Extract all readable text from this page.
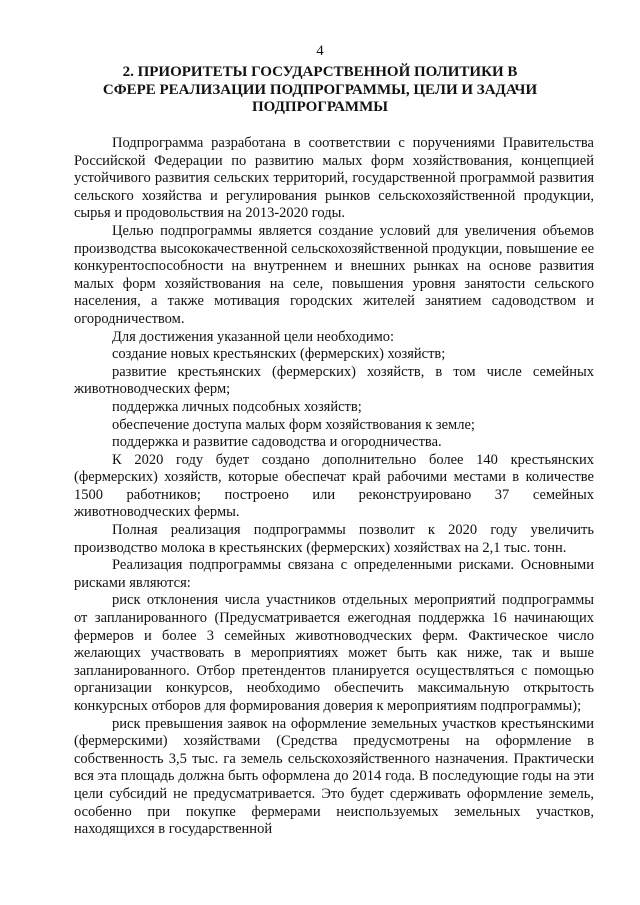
4
2. ПРИОРИТЕТЫ ГОСУДАРСТВЕННОЙ ПОЛИТИКИ В СФЕРЕ РЕАЛИЗАЦИИ ПОДПРОГРАММЫ, ЦЕЛИ И ЗАДАЧИ ПОДПРОГРАММЫ

Подпрограмма разработана в соответствии с поручениями Правительства Российской Федерации по развитию малых форм хозяйствования, концепцией устойчивого развития сельских территорий, государственной программой развития сельского хозяйства и регулирования рынков сельскохозяйственной продукции, сырья и продовольствия на 2013-2020 годы.

Целью подпрограммы является создание условий для увеличения объемов производства высококачественной сельскохозяйственной продукции, повышение ее конкурентоспособности на внутреннем и внешних рынках на основе развития малых форм хозяйствования на селе, повышения уровня занятости сельского населения, а также мотивация городских жителей занятием садоводством и огородничеством.

Для достижения указанной цели необходимо:

создание новых крестьянских (фермерских) хозяйств;

развитие крестьянских (фермерских) хозяйств, в том числе семейных животноводческих ферм;

поддержка личных подсобных хозяйств;

обеспечение доступа малых форм хозяйствования к земле;

поддержка и развитие садоводства и огородничества.

К 2020 году будет создано дополнительно более 140 крестьянских (фермерских) хозяйств, которые обеспечат край рабочими местами в количестве 1500 работников; построено или реконструировано 37 семейных животноводческих фермы.

Полная реализация подпрограммы позволит к 2020 году увеличить производство молока в крестьянских (фермерских) хозяйствах на 2,1 тыс. тонн.

Реализация подпрограммы связана с определенными рисками. Основными рисками являются:

риск отклонения числа участников отдельных мероприятий подпрограммы от запланированного (Предусматривается ежегодная поддержка 16 начинающих фермеров и более 3 семейных животноводческих ферм. Фактическое число желающих участвовать в мероприятиях может быть как ниже, так и выше запланированного. Отбор претендентов планируется осуществляться с помощью организации конкурсов, необходимо обеспечить максимальную открытость конкурсных отборов для формирования доверия к мероприятиям подпрограммы);

риск превышения заявок на оформление земельных участков крестьянскими (фермерскими) хозяйствами (Средства предусмотрены на оформление в собственность 3,5 тыс. га земель сельскохозяйственного назначения. Практически вся эта площадь должна быть оформлена до 2014 года. В последующие годы на эти цели субсидий не предусматривается. Это будет сдерживать оформление земель, особенно при покупке фермерами неиспользуемых земельных участков, находящихся в государственной
